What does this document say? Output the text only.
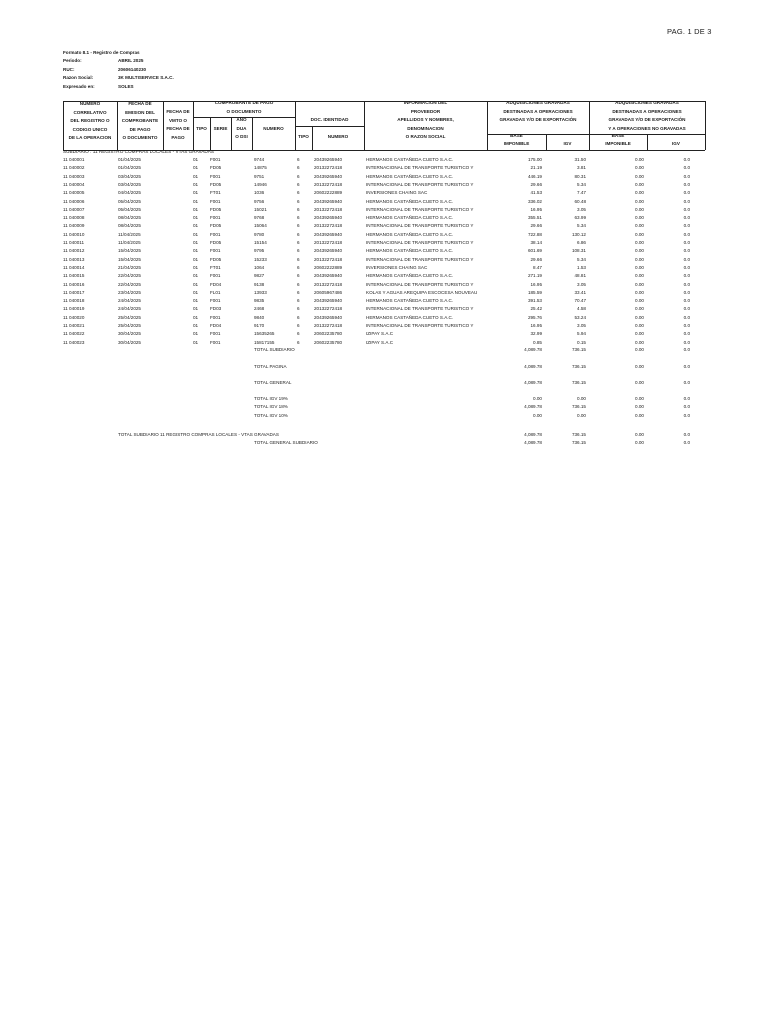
PAG. 1 DE 3
Formato 8.1 - Registro de Compras
Periodo:	ABRIL 2025
RUC:	20606140230
Razon Social:	3K MULTISERVICE S.A.C.
Expresado en:	SOLES
NUMERO
CORRELATIVO
DEL REGISTRO O
CODIGO UNICO
DE LA OPERACION
FECHA DE
EMISION DEL
COMPROBANTE
DE PAGO
O DOCUMENTO
FECHA DE
VMTO O
FECHA DE
PAGO
COMPROBANTE DE PAGO
O DOCUMENTO
TIPO	SERIE
AÑO
DUA
O DSI
NUMERO
INFORMACION DEL
PROVEEDOR
DOC. IDENTIDAD
TIPO	NUMERO
APELLIDOS Y NOMBRES,
DENOMINACION
O RAZON SOCIAL
ADQUISICIONES GRAVADAS
DESTINADAS A OPERACIONES
GRAVADAS Y/O DE EXPORTACIÓN
ADQUISICIONES GRAVADAS
DESTINADAS A OPERACIONES
GRAVADAS Y/O DE EXPORTACIÓN
Y A OPERACIONES NO GRAVADAS
BASE
IMPONIBLE	IGV
BASE
IMPONIBLE	IGV
SUBDIARIO : 11 REGISTRO COMPRAS LOCALES - VTAS GRAVADAS
11 040001	01/04/2025	01	F001	9744	6	20439265940	HERMANOS CASTAÑEDA CUETO S.A.C.	175.00	31.50	0.00	0.0
11 040002	01/04/2025	01	FD05	14875	6	20132272418	INTERNACIONAL DE TRANSPORTE TURISTICO Y	21.19	3.81	0.00	0.0
11 040003	03/04/2025	01	F001	9751	6	20439265940	HERMANOS CASTAÑEDA CUETO S.A.C.	446.19	80.31	0.00	0.0
11 040004	03/04/2025	01	FD05	14946	6	20132272418	INTERNACIONAL DE TRANSPORTE TURISTICO Y	29.66	5.34	0.00	0.0
11 040005	04/04/2025	01	FT01	1036	6	20602222889	INVERSIONES CHAING SAC	41.53	7.47	0.00	0.0
11 040006	05/04/2025	01	F001	9756	6	20439265940	HERMANOS CASTAÑEDA CUETO S.A.C.	336.02	60.48	0.00	0.0
11 040007	05/04/2025	01	FD05	15021	6	20132272418	INTERNACIONAL DE TRANSPORTE TURISTICO Y	16.95	3.05	0.00	0.0
11 040008	08/04/2025	01	F001	9768	6	20439265940	HERMANOS CASTAÑEDA CUETO S.A.C.	355.51	63.99	0.00	0.0
11 040009	08/04/2025	01	FD05	15064	6	20132272418	INTERNACIONAL DE TRANSPORTE TURISTICO Y	29.66	5.34	0.00	0.0
11 040010	11/04/2025	01	F001	9780	6	20439265940	HERMANOS CASTAÑEDA CUETO S.A.C.	722.88	130.12	0.00	0.0
11 040011	11/04/2025	01	FD05	15154	6	20132272418	INTERNACIONAL DE TRANSPORTE TURISTICO Y	38.14	6.86	0.00	0.0
11 040012	15/04/2025	01	F001	9795	6	20439265940	HERMANOS CASTAÑEDA CUETO S.A.C.	601.69	108.31	0.00	0.0
11 040013	15/04/2025	01	FD05	15233	6	20132272418	INTERNACIONAL DE TRANSPORTE TURISTICO Y	29.66	5.34	0.00	0.0
11 040014	21/04/2025	01	FT01	1064	6	20602222889	INVERSIONES CHAING SAC	8.47	1.53	0.00	0.0
11 040015	22/04/2025	01	F001	9827	6	20439265940	HERMANOS CASTAÑEDA CUETO S.A.C.	271.19	48.81	0.00	0.0
11 040016	22/04/2025	01	FD04	9138	6	20132272418	INTERNACIONAL DE TRANSPORTE TURISTICO Y	16.95	3.05	0.00	0.0
11 040017	23/04/2025	01	FL01	13933	6	20605967486	KOLAS Y AGUAS AREQUIPA ESCOCESA NOUVEAU	185.59	33.41	0.00	0.0
11 040018	24/04/2025	01	F001	9835	6	20439265940	HERMANOS CASTAÑEDA CUETO S.A.C.	391.53	70.47	0.00	0.0
11 040019	24/04/2025	01	FD03	2468	6	20132272418	INTERNACIONAL DE TRANSPORTE TURISTICO Y	25.42	4.58	0.00	0.0
11 040020	25/04/2025	01	F001	9840	6	20439265940	HERMANOS CASTAÑEDA CUETO S.A.C.	295.76	53.24	0.00	0.0
11 040021	25/04/2025	01	FD04	9170	6	20132272418	INTERNACIONAL DE TRANSPORTE TURISTICO Y	16.95	3.05	0.00	0.0
11 040022	30/04/2025	01	F001	15635265	6	20602235780	IZIPAY S.A.C	32.99	5.94	0.00	0.0
11 040023	30/04/2025	01	F001	15817155	6	20602235780	IZIPAY S.A.C	0.85	0.15	0.00	0.0
TOTAL SUBDIARIO	4,089.78	736.15	0.00	0.0
TOTAL PAGINA	4,089.78	736.15	0.00	0.0
TOTAL GENERAL	4,089.78	736.15	0.00	0.0
TOTAL IGV 19%	0.00	0.00	0.00	0.0
TOTAL IGV 18%	4,089.78	736.15	0.00	0.0
TOTAL IGV 10%	0.00	0.00	0.00	0.0
TOTAL SUBDIARIO 11 REGISTRO COMPRAS LOCALES - VTAS GRAVADAS	4,089.78	736.15	0.00	0.0
TOTAL GENERAL SUBDIARIO	4,089.78	736.15	0.00	0.0
